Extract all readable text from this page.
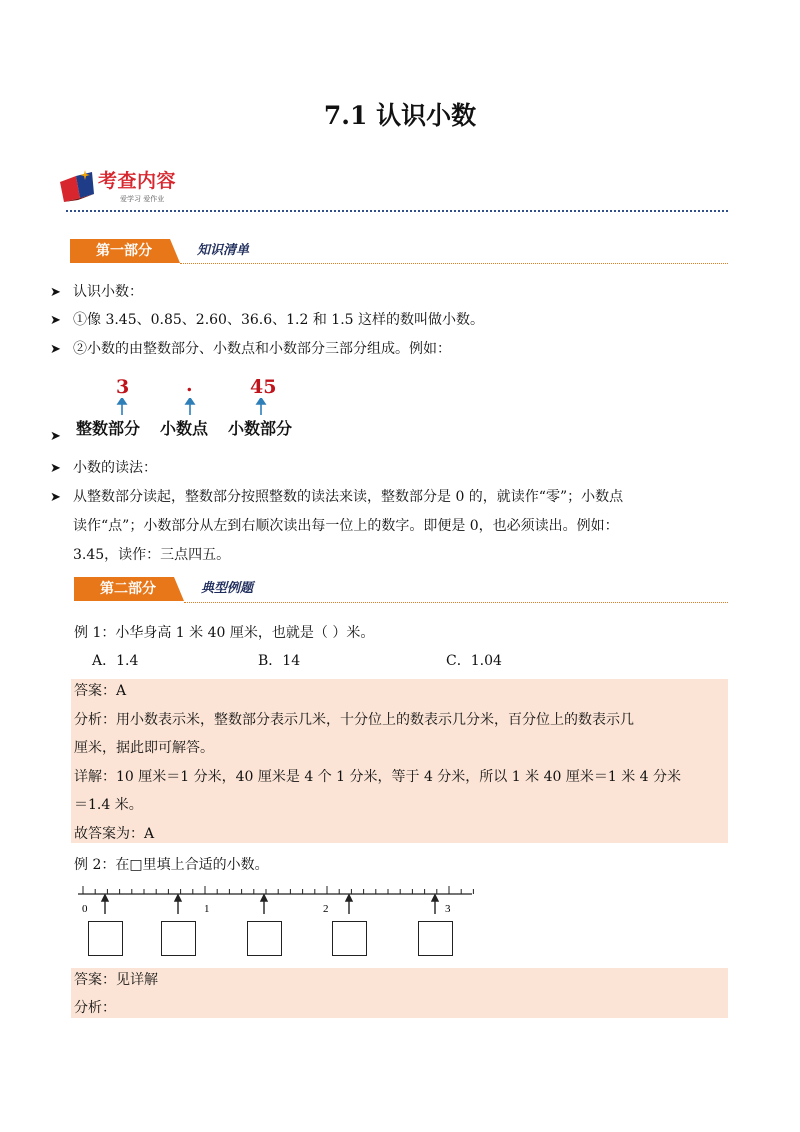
7.1 认识小数
考查内容
爱学习 爱作业
第一部分	知识清单
➤ 认识小数：
➤ ①像 3.45、0.85、2.60、36.6、1.2 和 1.5 这样的数叫做小数。
➤ ②小数的由整数部分、小数点和小数部分三部分组成。例如：
3	.	45
整数部分 小数点 小数部分
➤
➤ 小数的读法：
➤ 从整数部分读起，整数部分按照整数的读法来读，整数部分是 0 的，就读作“零”；小数点
读作“点”；小数部分从左到右顺次读出每一位上的数字。即便是 0，也必须读出。例如：
3.45，读作：三点四五。
第二部分	典型例题
例 1：小华身高 1 米 40 厘米，也就是（ ）米。
A．1.4	B．14	C．1.04
答案：A
分析：用小数表示米，整数部分表示几米，十分位上的数表示几分米，百分位上的数表示几
厘米，据此即可解答。
详解：10 厘米＝1 分米，40 厘米是 4 个 1 分米，等于 4 分米，所以 1 米 40 厘米＝1 米 4 分米
＝1.4 米。
故答案为：A
例 2：在□里填上合适的小数。
0	1	2	3
答案：见详解
分析：
